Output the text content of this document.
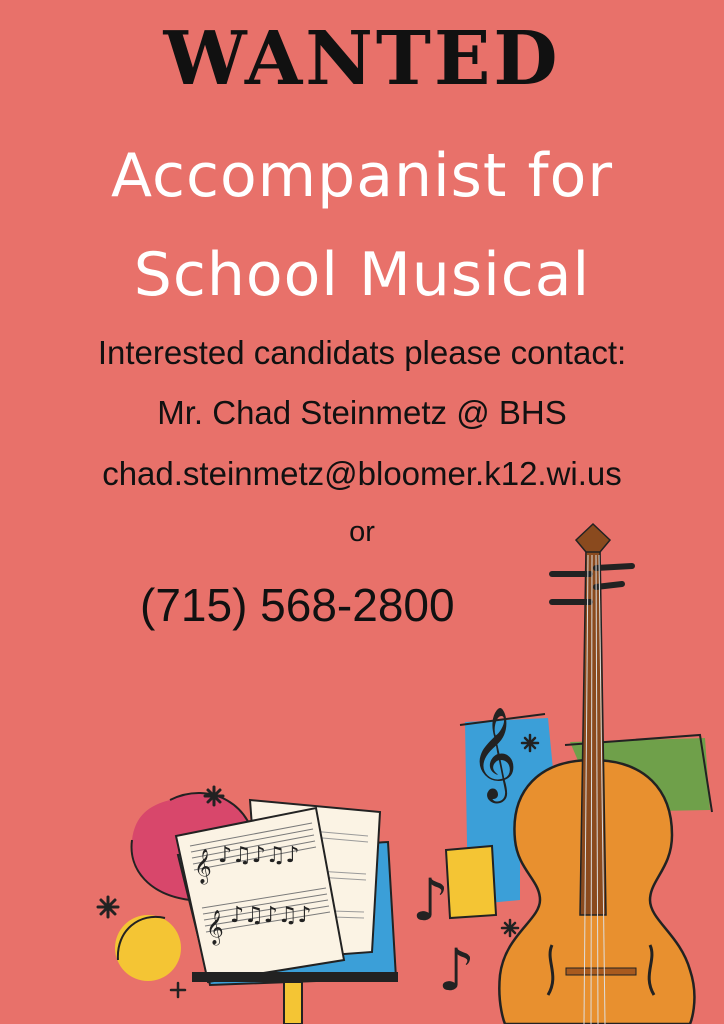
WANTED
Accompanist for
School Musical
Interested candidats please contact:
Mr. Chad Steinmetz @ BHS
chad.steinmetz@bloomer.k12.wi.us
or
(715) 568-2800
𝄞
𝄞
♪♫♪♫♪
♪♫♪♫♪
𝄞
♪
♪
